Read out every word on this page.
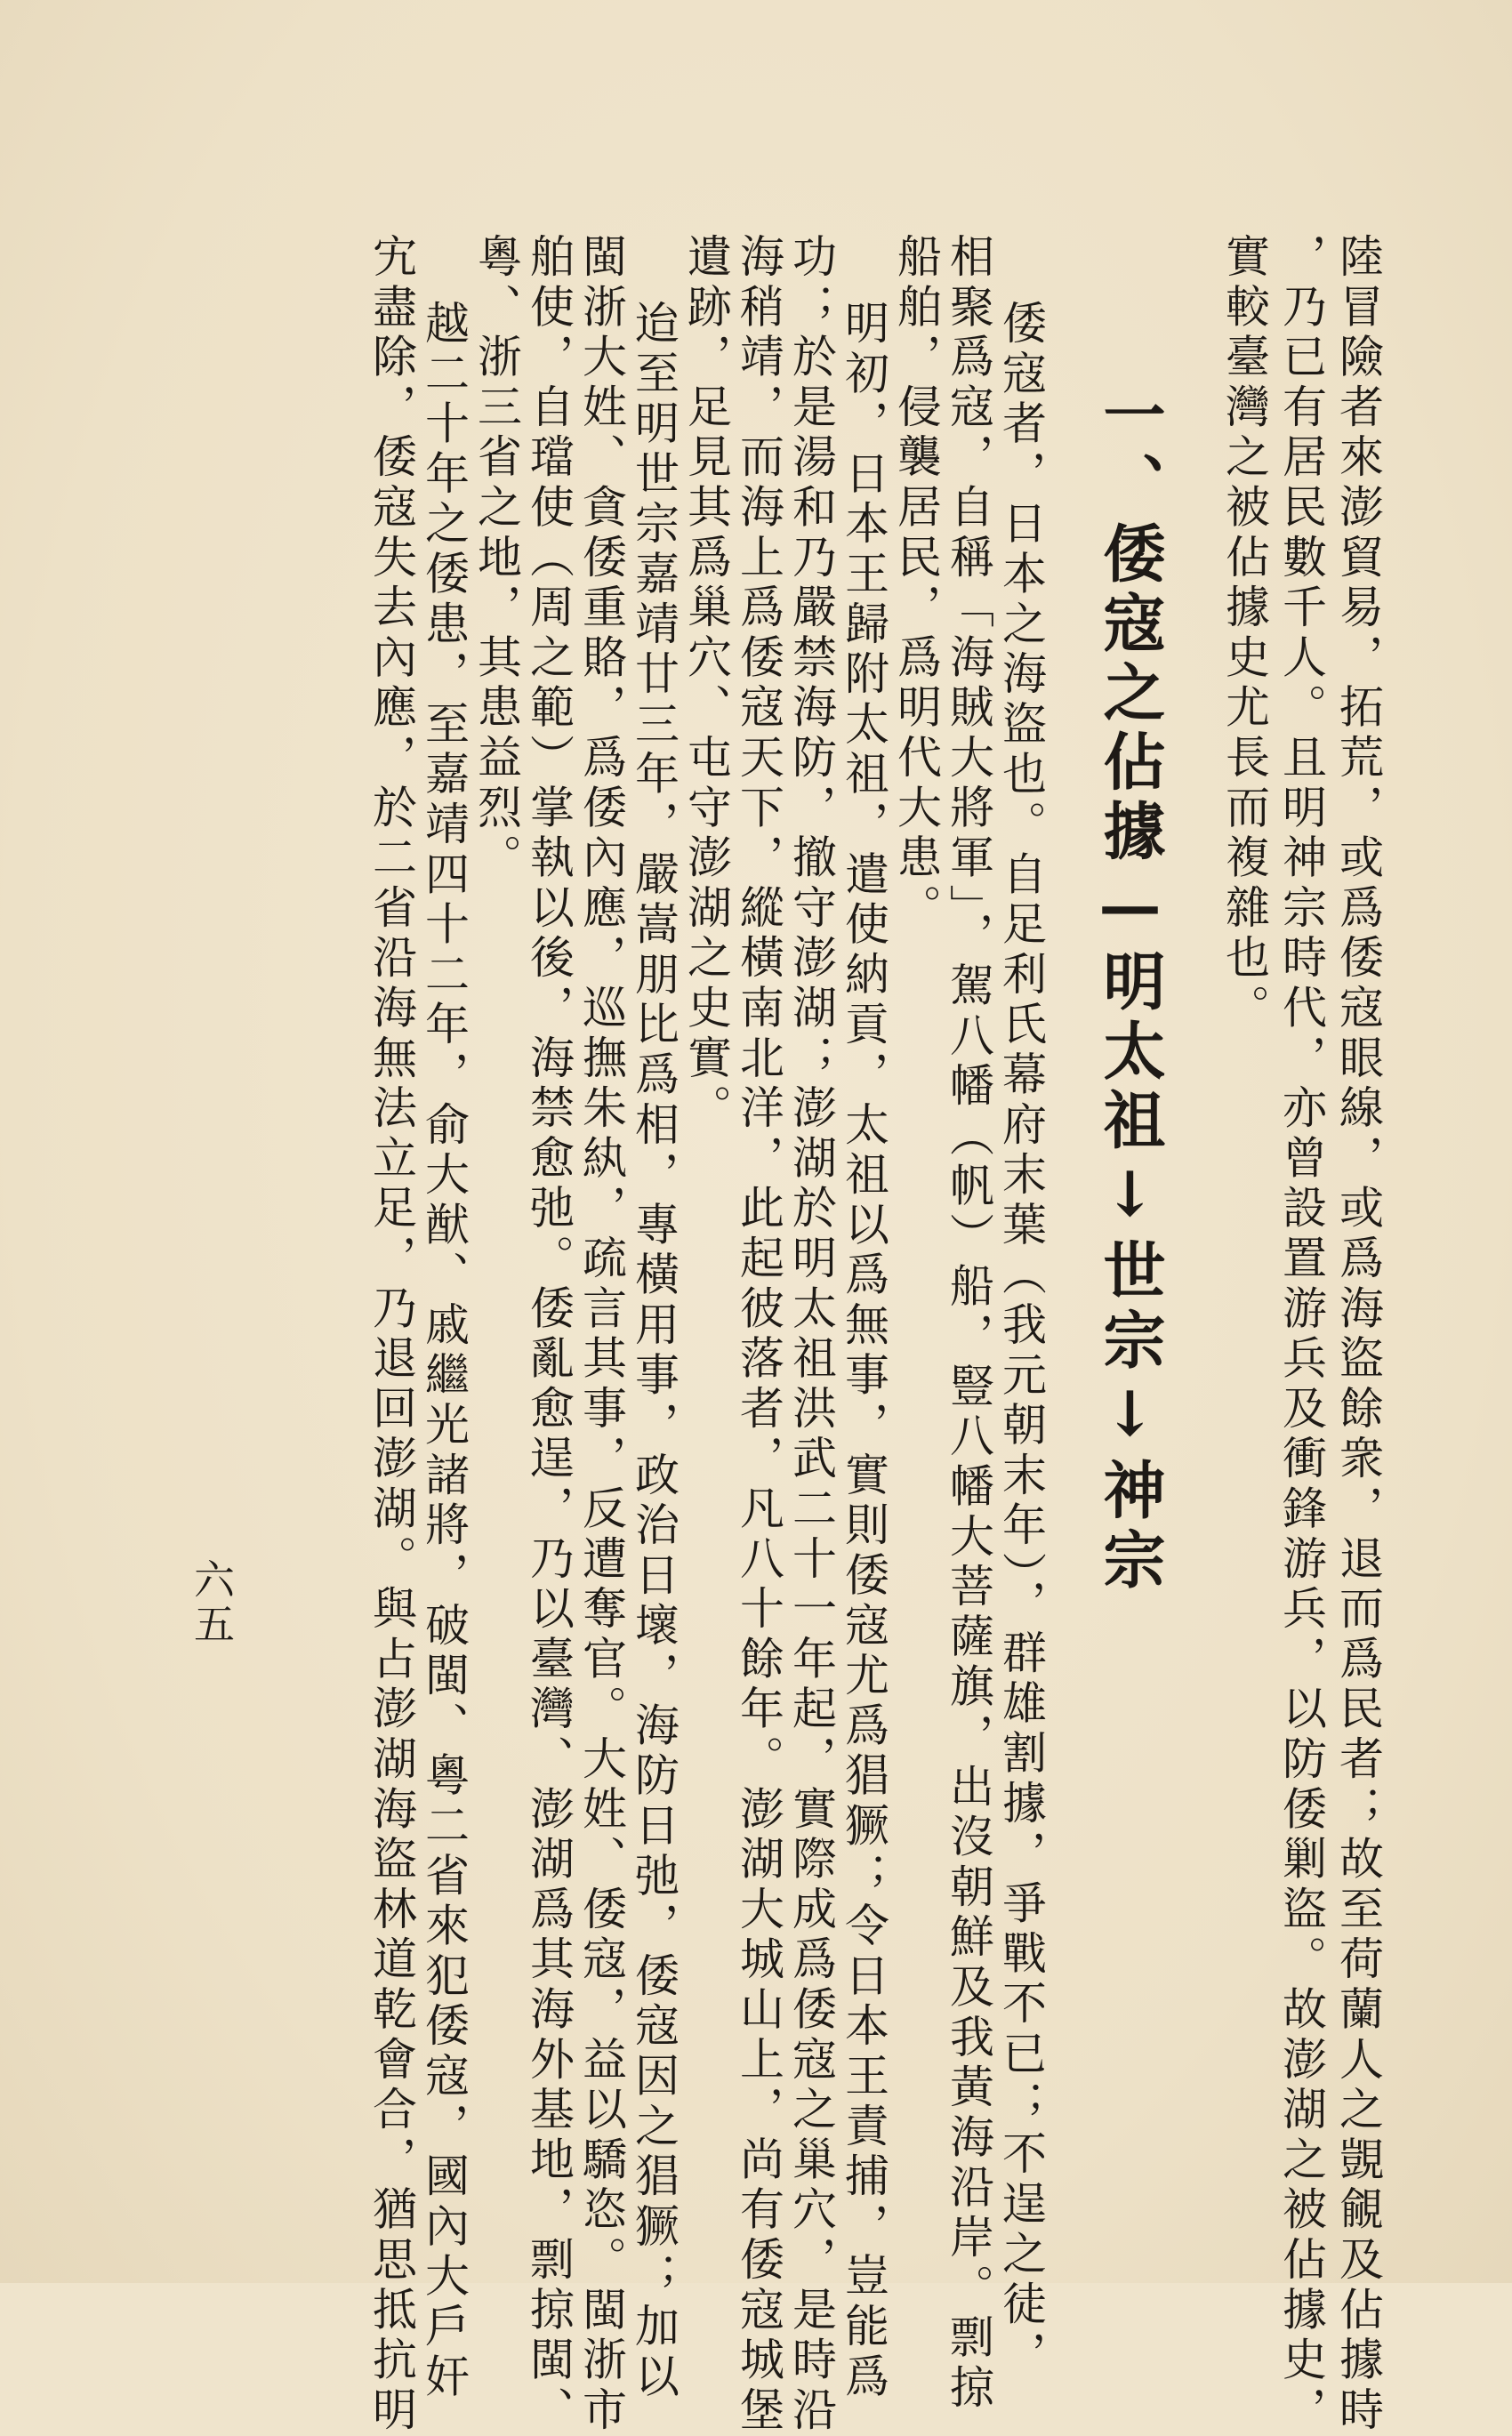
陸冒險者來澎貿易，拓荒，或爲倭寇眼線，或爲海盜餘衆，退而爲民者；故至荷蘭人之覬覦及佔據時
，乃已有居民數千人。且明神宗時代，亦曾設置游兵及衝鋒游兵，以防倭剿盜。故澎湖之被佔據史，
實較臺灣之被佔據史尤長而複雜也。
一、倭寇之佔據—明太祖↓世宗↓神宗
倭寇者，日本之海盜也。自足利氏幕府末葉（我元朝末年），群雄割據，爭戰不已；不逞之徒，
相聚爲寇，自稱「海賊大將軍」，駕八幡（帆）船，豎八幡大菩薩旗，出沒朝鮮及我黃海沿岸。剽掠
船舶，侵襲居民，爲明代大患。
明初，日本王歸附太祖，遣使納貢，太祖以爲無事，實則倭寇尤爲猖獗；令日本王責捕，豈能爲
功；於是湯和乃嚴禁海防，撤守澎湖；澎湖於明太祖洪武二十一年起，實際成爲倭寇之巢穴，是時沿
海稍靖，而海上爲倭寇天下，縱橫南北洋，此起彼落者，凡八十餘年。澎湖大城山上，尚有倭寇城堡
遺跡，足見其爲巢穴、屯守澎湖之史實。
迨至明世宗嘉靖廿三年，嚴嵩朋比爲相，專橫用事，政治日壞，海防日弛，倭寇因之猖獗；加以
閩浙大姓、貪倭重賂，爲倭內應，巡撫朱紈，疏言其事，反遭奪官。大姓、倭寇，益以驕恣。閩浙市
舶使，自璫使（周之範）掌執以後，海禁愈弛。倭亂愈逞，乃以臺灣、澎湖爲其海外基地，剽掠閩、
粵、浙三省之地，其患益烈。
越二十年之倭患，至嘉靖四十二年，俞大猷、戚繼光諸將，破閩、粵二省來犯倭寇，國內大戶奸
宄盡除，倭寇失去內應，於二省沿海無法立足，乃退回澎湖。與占澎湖海盜林道乾會合，猶思抵抗明
六五
